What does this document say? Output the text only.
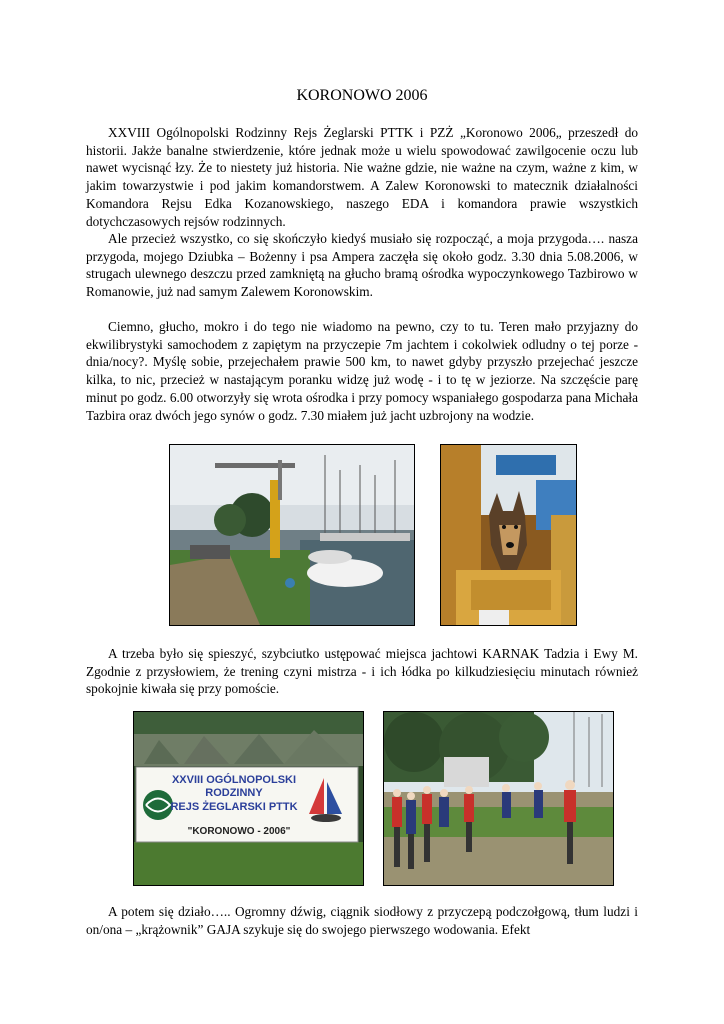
KORONOWO 2006

XXVIII Ogólnopolski Rodzinny Rejs Żeglarski PTTK i PZŻ „Koronowo 2006„ przeszedł do historii. Jakże banalne stwierdzenie, które jednak może u wielu spowodować zawilgocenie oczu lub nawet wycisnąć łzy. Że to niestety już historia. Nie ważne gdzie, nie ważne na czym, ważne z kim, w jakim towarzystwie i pod jakim komandorstwem. A Zalew Koronowski to matecznik działalności Komandora Rejsu Edka Kozanowskiego, naszego EDA i komandora prawie wszystkich dotychczasowych rejsów rodzinnych.

Ale przecież wszystko, co się skończyło kiedyś musiało się rozpocząć, a moja przygoda…. nasza przygoda, mojego Dziubka – Bożenny i psa Ampera zaczęła się około godz. 3.30 dnia 5.08.2006, w strugach ulewnego deszczu przed zamkniętą na głucho bramą ośrodka wypoczynkowego Tazbirowo w Romanowie, już nad samym Zalewem Koronowskim.

Ciemno, głucho, mokro i do tego nie wiadomo na pewno, czy to tu. Teren mało przyjazny do ekwilibrystyki samochodem z zapiętym na przyczepie 7m jachtem i cokolwiek odludny o tej porze - dnia/nocy?. Myślę sobie, przejechałem prawie 500 km, to nawet gdyby przyszło przejechać jeszcze kilka, to nic, przecież w nastającym poranku widzę już wodę - i to tę w jeziorze. Na szczęście parę minut po godz. 6.00 otworzyły się wrota ośrodka i przy pomocy wspaniałego gospodarza pana Michała Tazbira oraz dwóch jego synów o godz. 7.30 miałem już jacht uzbrojony na wodzie.

A trzeba było się spieszyć, szybciutko ustępować miejsca jachtowi KARNAK Tadzia i Ewy M. Zgodnie z przysłowiem, że trening czyni mistrza - i ich łódka po kilkudziesięciu minutach również spokojnie kiwała się przy pomoście.

XXVIII OGÓLNOPOLSKI
RODZINNY
REJS ŻEGLARSKI PTTK
"KORONOWO - 2006"

A potem się działo….. Ogromny dźwig, ciągnik siodłowy z przyczepą podczołgową, tłum ludzi i on/ona – „krążownik” GAJA szykuje się do swojego pierwszego wodowania. Efekt
